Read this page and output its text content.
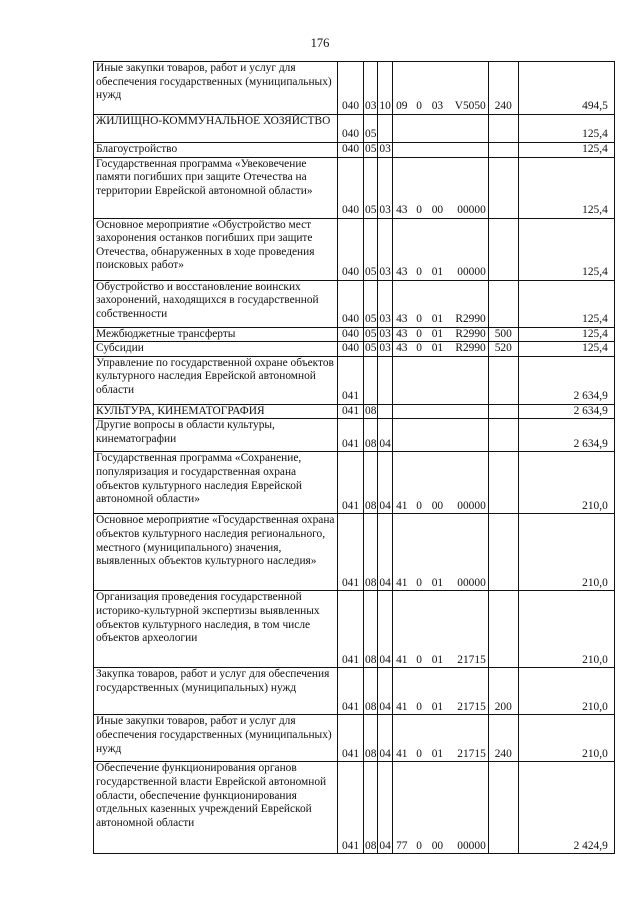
176
Иные закупки товаров, работ и услуг для обеспечения государственных (муниципальных) нужд	040	03	10	09 0 03 V5050	240	494,5
ЖИЛИЩНО-КОММУНАЛЬНОЕ ХОЗЯЙСТВО	040	05				125,4
Благоустройство	040	05	03			125,4
Государственная программа «Увековечение памяти погибших при защите Отечества на территории Еврейской автономной области»	040	05	03	43 0 00 00000		125,4
Основное мероприятие «Обустройство мест захоронения останков погибших при защите Отечества, обнаруженных в ходе проведения поисковых работ»	040	05	03	43 0 01 00000		125,4
Обустройство и восстановление воинских захоронений, находящихся в государственной собственности	040	05	03	43 0 01 R2990		125,4
Межбюджетные трансферты	040	05	03	43 0 01 R2990	500	125,4
Субсидии	040	05	03	43 0 01 R2990	520	125,4
Управление по государственной охране объектов культурного наследия Еврейской автономной области	041					2 634,9
КУЛЬТУРА, КИНЕМАТОГРАФИЯ	041	08				2 634,9
Другие вопросы в области культуры, кинематографии	041	08	04			2 634,9
Государственная программа «Сохранение, популяризация и государственная охрана объектов культурного наследия Еврейской автономной области»	041	08	04	41 0 00 00000		210,0
Основное мероприятие «Государственная охрана объектов культурного наследия регионального, местного (муниципального) значения, выявленных объектов культурного наследия»	041	08	04	41 0 01 00000		210,0
Организация проведения государственной историко-культурной экспертизы выявленных объектов культурного наследия, в том числе объектов археологии	041	08	04	41 0 01 21715		210,0
Закупка товаров, работ и услуг для обеспечения государственных (муниципальных) нужд	041	08	04	41 0 01 21715	200	210,0
Иные закупки товаров, работ и услуг для обеспечения государственных (муниципальных) нужд	041	08	04	41 0 01 21715	240	210,0
Обеспечение функционирования органов государственной власти Еврейской автономной области, обеспечение функционирования отдельных казенных учреждений Еврейской автономной области	041	08	04	77 0 00 00000		2 424,9
